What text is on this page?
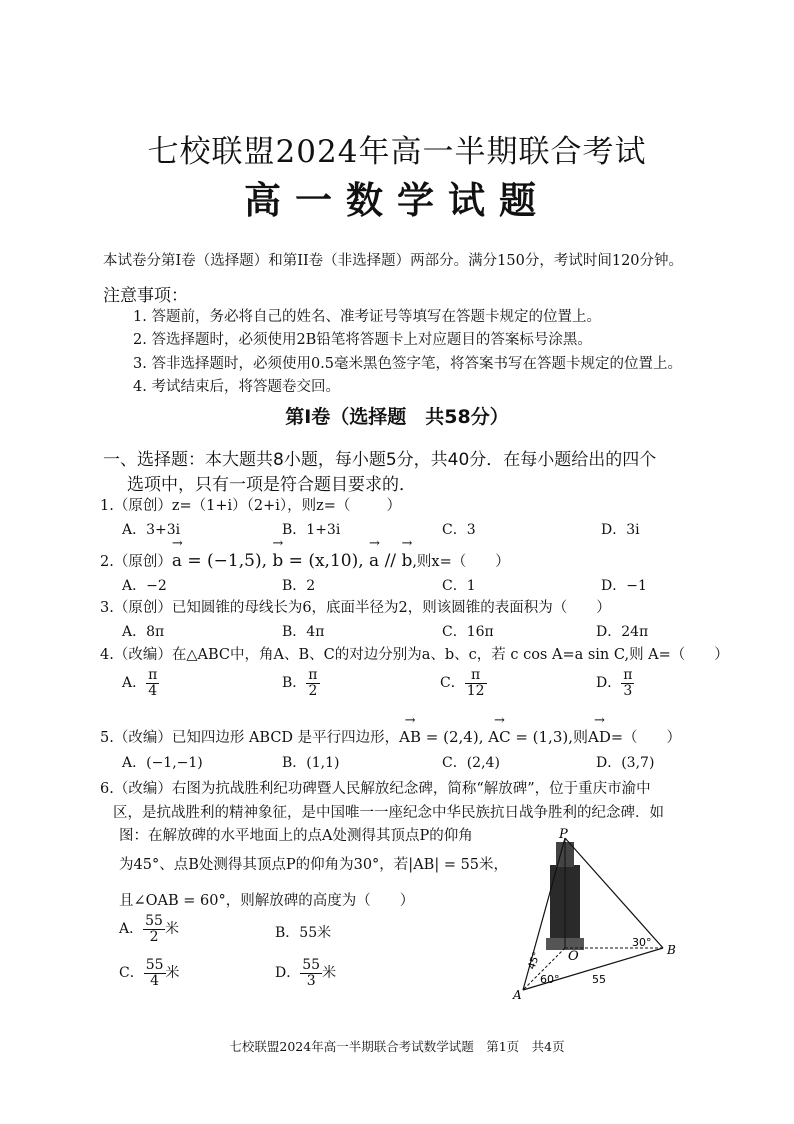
七校联盟2024年高一半期联合考试
高一数学试题
本试卷分第I卷（选择题）和第II卷（非选择题）两部分。满分150分，考试时间120分钟。
注意事项：
1. 答题前，务必将自己的姓名、准考证号等填写在答题卡规定的位置上。
2. 答选择题时，必须使用2B铅笔将答题卡上对应题目的答案标号涂黑。
3. 答非选择题时，必须使用0.5毫米黑色签字笔，将答案书写在答题卡规定的位置上。
4. 考试结束后，将答题卷交回。
第I卷（选择题　共58分）
一、选择题：本大题共8小题，每小题5分，共40分．在每小题给出的四个
选项中，只有一项是符合题目要求的．
1.（原创）z=（1+i）（2+i），则z=（ ）
A．3+3i	B．1+3i	C．3	D．3i
2.（原创）→ a = (−1,5), → b = (x,10), → a // → b,则x=（　　）
A．−2	B．2	C．1	D．−1
3.（原创）已知圆锥的母线长为6，底面半径为2，则该圆锥的表面积为（　　）
A．8π	B．4π	C．16π	D．24π
4.（改编）在△ABC中，角A、B、C的对边分别为a、b、c，若 c cos A=a sin C,则 A=（　　）
A． $\frac{\pi}{4}$	B． $\frac{\pi}{2}$	C． $\frac{\pi}{12}$	D． $\frac{\pi}{3}$
5.（改编）已知四边形 ABCD 是平行四边形，→ AB = (2,4), → AC = (1,3),则→ AD=（　　）
A．(−1,−1)	B．(1,1)	C．(2,4)	D．(3,7)
6.（改编）右图为抗战胜利纪功碑暨人民解放纪念碑，简称“解放碑”，位于重庆市渝中
区，是抗战胜利的精神象征，是中国唯一一座纪念中华民族抗日战争胜利的纪念碑．如
图：在解放碑的水平地面上的点A处测得其顶点P的仰角
为45°、点B处测得其顶点P的仰角为30°，若|AB| = 55米，
且∠OAB = 60°，则解放碑的高度为（　　）
A． $\frac{55}{2}$ 米	B．55米
C． $\frac{55}{4}$ 米	D． $\frac{55}{3}$ 米
P
O
A
B
30°
45°
60°	55
七校联盟2024年高一半期联合考试数学试题　第1页　共4页
